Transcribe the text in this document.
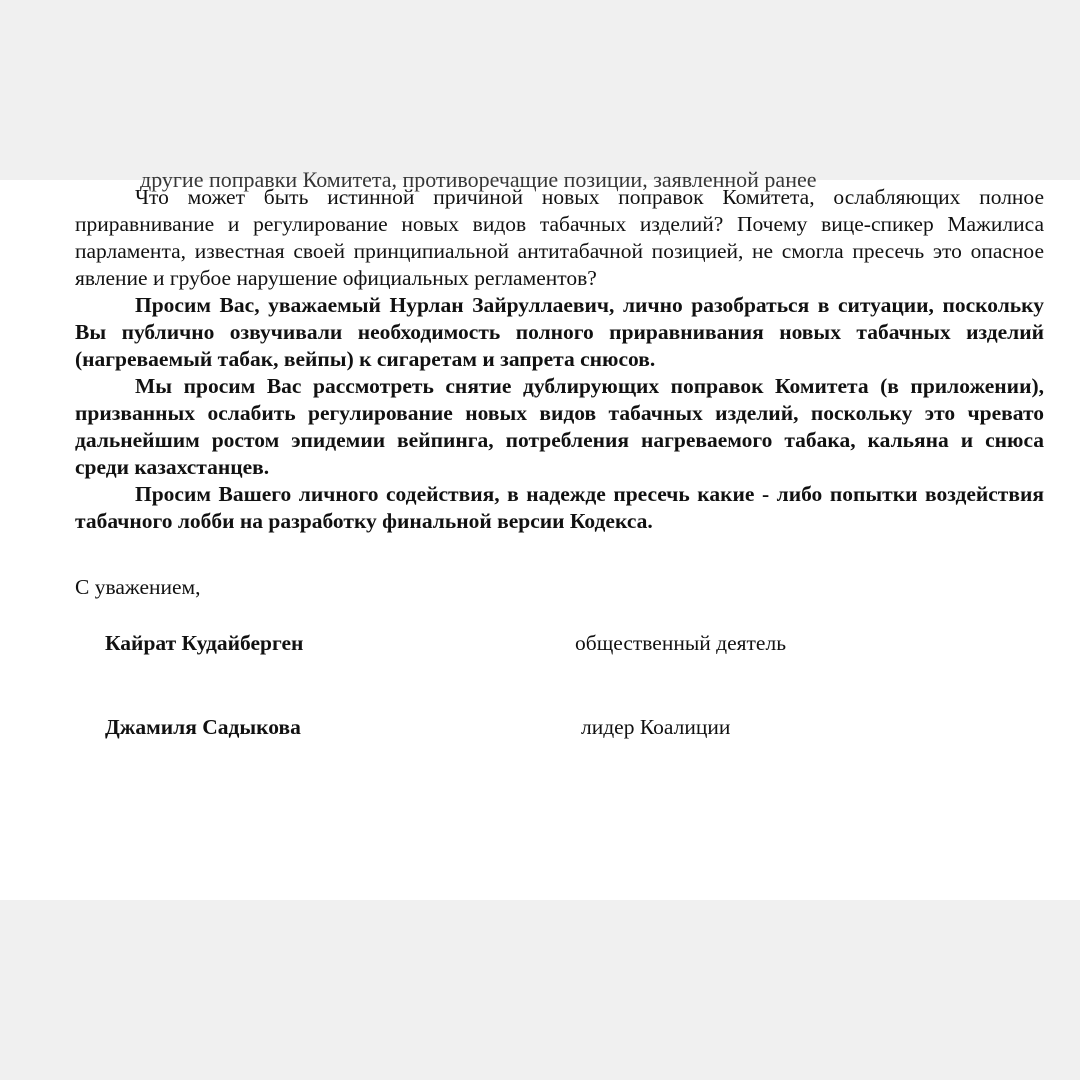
другие поправки Комитета, противоречащие позиции, заявленной ранее

Что может быть истинной причиной новых поправок Комитета, ослабляющих полное приравнивание и регулирование новых видов табачных изделий? Почему вице-спикер Мажилиса парламента, известная своей принципиальной антитабачной позицией, не смогла пресечь это опасное явление и грубое нарушение официальных регламентов?

Просим Вас, уважаемый Нурлан Зайруллаевич, лично разобраться в ситуации, поскольку Вы публично озвучивали необходимость полного приравнивания новых табачных изделий (нагреваемый табак, вейпы) к сигаретам и запрета снюсов.

Мы просим Вас рассмотреть снятие дублирующих поправок Комитета (в приложении), призванных ослабить регулирование новых видов табачных изделий, поскольку это чревато дальнейшим ростом эпидемии вейпинга, потребления нагреваемого табака, кальяна и снюса среди казахстанцев.

Просим Вашего личного содействия, в надежде пресечь какие - либо попытки воздействия табачного лобби на разработку финальной версии Кодекса.

С уважением,
Кайрат Кудайберген	общественный деятель
Джамиля Садыкова	лидер Коалиции
